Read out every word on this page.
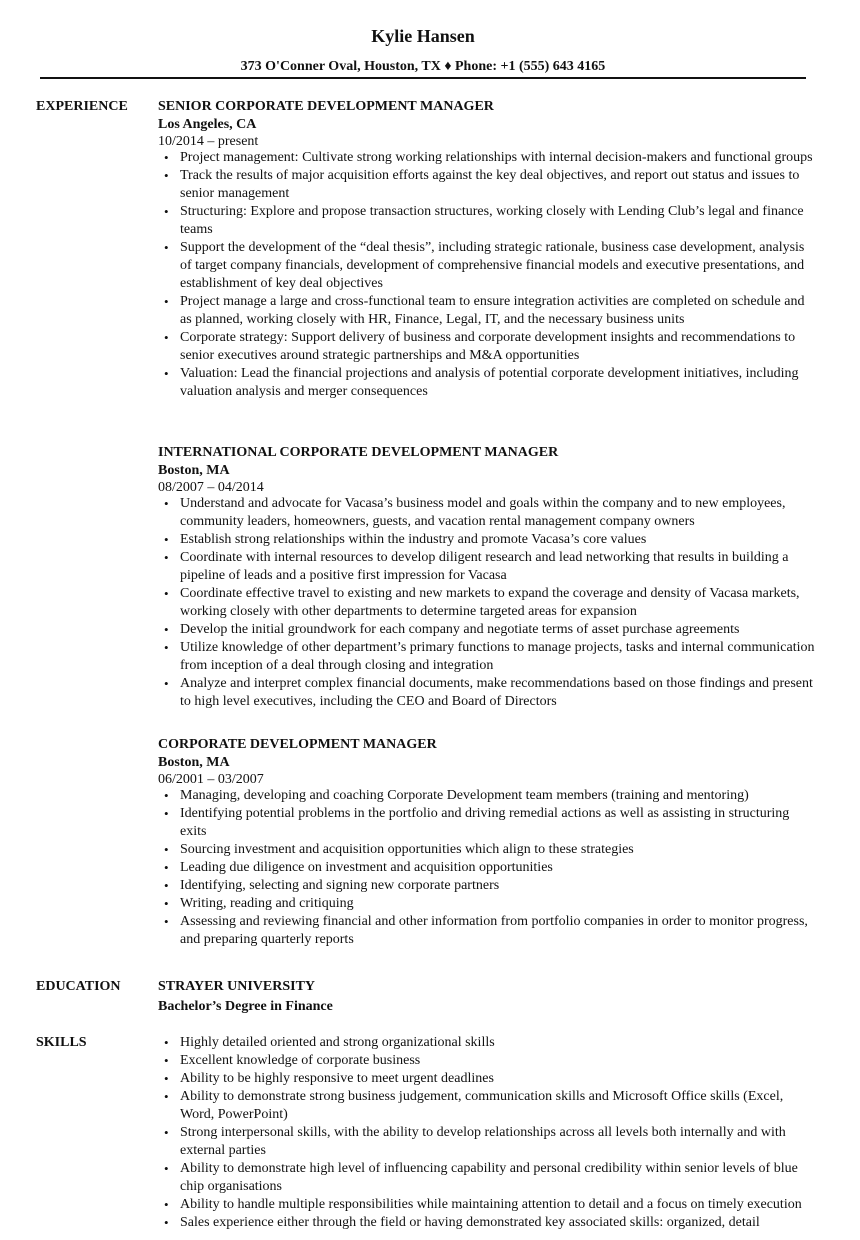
Kylie Hansen
373 O'Conner Oval, Houston, TX ♦ Phone: +1 (555) 643 4165
EXPERIENCE SENIOR CORPORATE DEVELOPMENT MANAGER
Los Angeles, CA
10/2014 – present
• Project management: Cultivate strong working relationships with internal decision-makers and functional groups
• Track the results of major acquisition efforts against the key deal objectives, and report out status and issues to senior management
• Structuring: Explore and propose transaction structures, working closely with Lending Club’s legal and finance teams
• Support the development of the “deal thesis”, including strategic rationale, business case development, analysis of target company financials, development of comprehensive financial models and executive presentations, and establishment of key deal objectives
• Project manage a large and cross-functional team to ensure integration activities are completed on schedule and as planned, working closely with HR, Finance, Legal, IT, and the necessary business units
• Corporate strategy: Support delivery of business and corporate development insights and recommendations to senior executives around strategic partnerships and M&A opportunities
• Valuation: Lead the financial projections and analysis of potential corporate development initiatives, including valuation analysis and merger consequences
INTERNATIONAL CORPORATE DEVELOPMENT MANAGER
Boston, MA
08/2007 – 04/2014
• Understand and advocate for Vacasa’s business model and goals within the company and to new employees, community leaders, homeowners, guests, and vacation rental management company owners
• Establish strong relationships within the industry and promote Vacasa’s core values
• Coordinate with internal resources to develop diligent research and lead networking that results in building a pipeline of leads and a positive first impression for Vacasa
• Coordinate effective travel to existing and new markets to expand the coverage and density of Vacasa markets, working closely with other departments to determine targeted areas for expansion
• Develop the initial groundwork for each company and negotiate terms of asset purchase agreements
• Utilize knowledge of other department’s primary functions to manage projects, tasks and internal communication from inception of a deal through closing and integration
• Analyze and interpret complex financial documents, make recommendations based on those findings and present to high level executives, including the CEO and Board of Directors
CORPORATE DEVELOPMENT MANAGER
Boston, MA
06/2001 – 03/2007
• Managing, developing and coaching Corporate Development team members (training and mentoring)
• Identifying potential problems in the portfolio and driving remedial actions as well as assisting in structuring exits
• Sourcing investment and acquisition opportunities which align to these strategies
• Leading due diligence on investment and acquisition opportunities
• Identifying, selecting and signing new corporate partners
• Writing, reading and critiquing
• Assessing and reviewing financial and other information from portfolio companies in order to monitor progress, and preparing quarterly reports
EDUCATION	STRAYER UNIVERSITY
Bachelor’s Degree in Finance
SKILLS
•	Highly detailed oriented and strong organizational skills
• Excellent knowledge of corporate business
• Ability to be highly responsive to meet urgent deadlines
• Ability to demonstrate strong business judgement, communication skills and Microsoft Office skills (Excel, Word, PowerPoint)
• Strong interpersonal skills, with the ability to develop relationships across all levels both internally and with external parties
• Ability to demonstrate high level of influencing capability and personal credibility within senior levels of blue chip organisations
• Ability to handle multiple responsibilities while maintaining attention to detail and a focus on timely execution
• Sales experience either through the field or having demonstrated key associated skills: organized, detail
